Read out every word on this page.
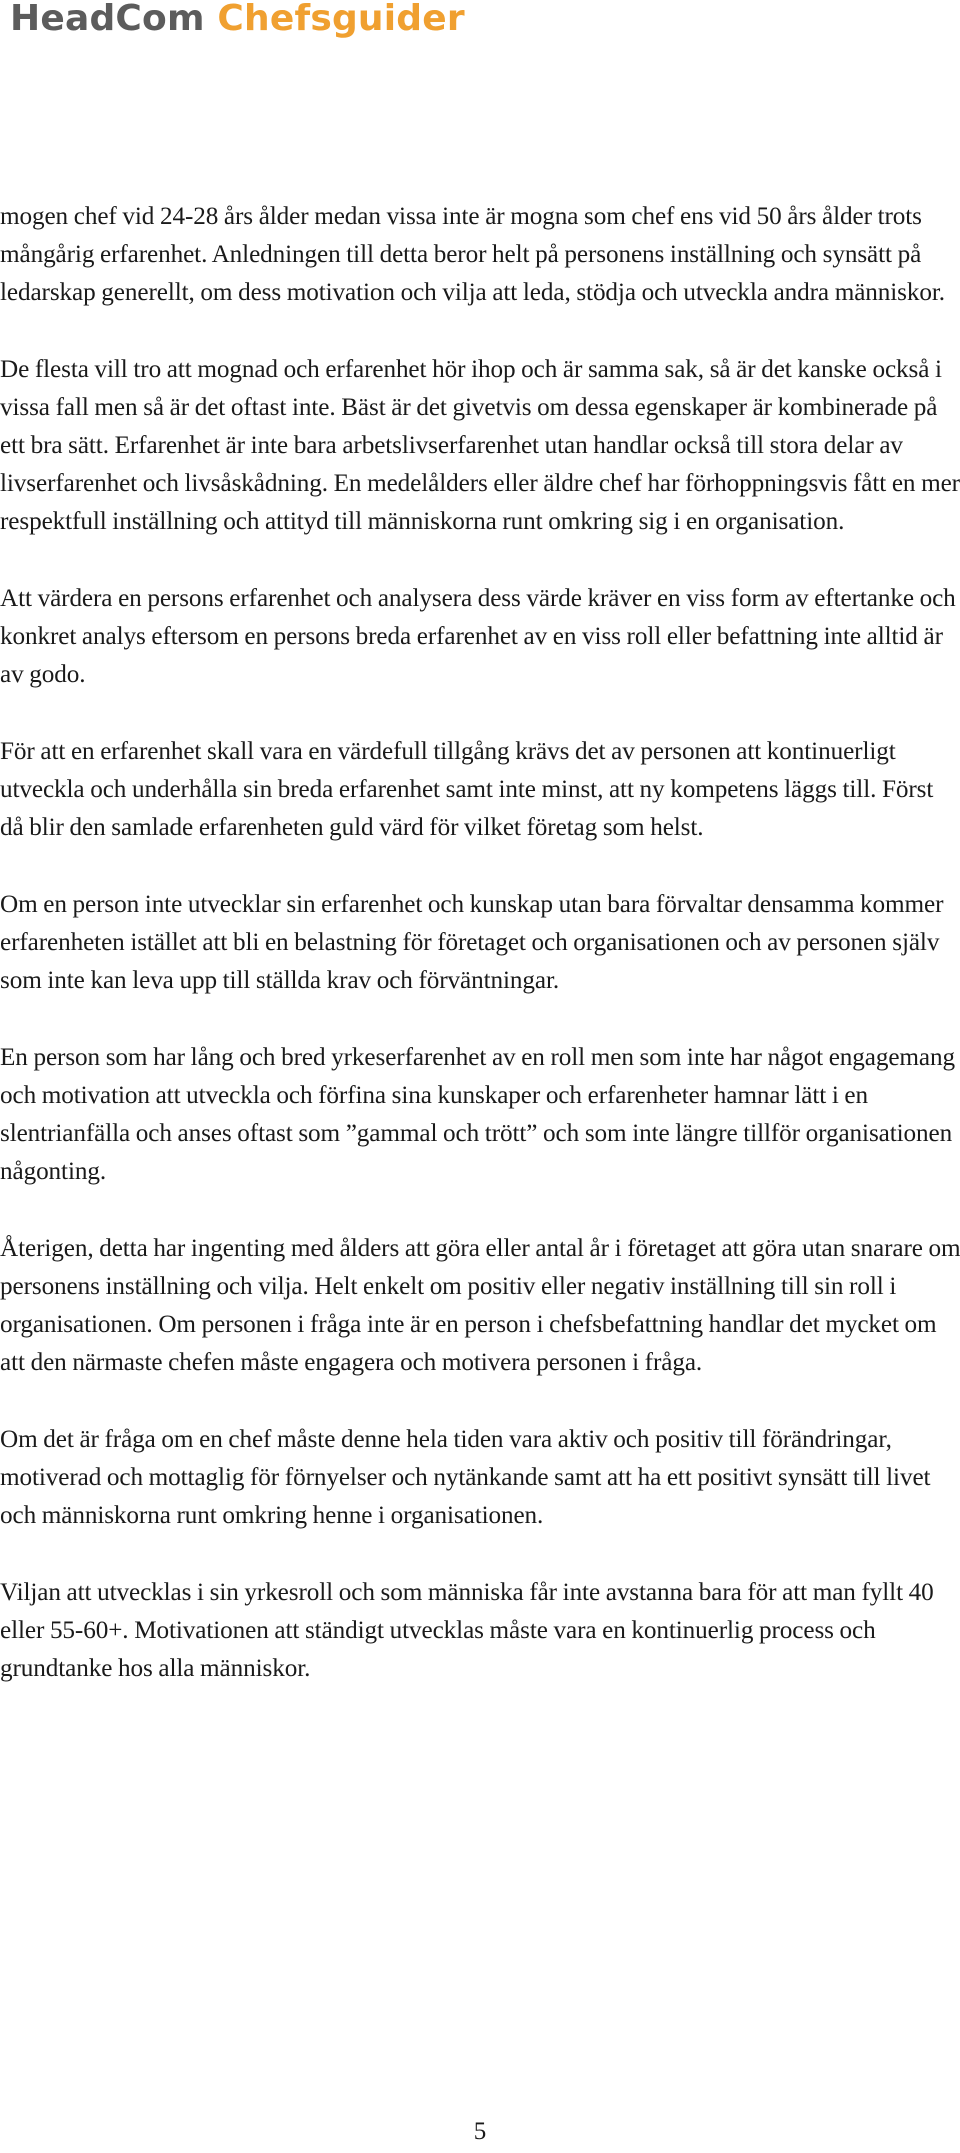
HeadCom Chefsguider

mogen chef vid 24-28 års ålder medan vissa inte är mogna som chef ens vid 50 års ålder trots mångårig erfarenhet. Anledningen till detta beror helt på personens inställning och synsätt på ledarskap generellt, om dess motivation och vilja att leda, stödja och utveckla andra människor.

De flesta vill tro att mognad och erfarenhet hör ihop och är samma sak, så är det kanske också i vissa fall men så är det oftast inte. Bäst är det givetvis om dessa egenskaper är kombinerade på ett bra sätt. Erfarenhet är inte bara arbetslivserfarenhet utan handlar också till stora delar av livserfarenhet och livsåskådning. En medelålders eller äldre chef har förhoppningsvis fått en mer respektfull inställning och attityd till människorna runt omkring sig i en organisation.

Att värdera en persons erfarenhet och analysera dess värde kräver en viss form av eftertanke och konkret analys eftersom en persons breda erfarenhet av en viss roll eller befattning inte alltid är av godo.

För att en erfarenhet skall vara en värdefull tillgång krävs det av personen att kontinuerligt utveckla och underhålla sin breda erfarenhet samt inte minst, att ny kompetens läggs till. Först då blir den samlade erfarenheten guld värd för vilket företag som helst.

Om en person inte utvecklar sin erfarenhet och kunskap utan bara förvaltar densamma kommer erfarenheten istället att bli en belastning för företaget och organisationen och av personen själv som inte kan leva upp till ställda krav och förväntningar.

En person som har lång och bred yrkeserfarenhet av en roll men som inte har något engagemang och motivation att utveckla och förfina sina kunskaper och erfarenheter hamnar lätt i en slentrianfälla och anses oftast som ”gammal och trött” och som inte längre tillför organisationen någonting.

Återigen, detta har ingenting med ålders att göra eller antal år i företaget att göra utan snarare om personens inställning och vilja. Helt enkelt om positiv eller negativ inställning till sin roll i organisationen. Om personen i fråga inte är en person i chefsbefattning handlar det mycket om att den närmaste chefen måste engagera och motivera personen i fråga.

Om det är fråga om en chef måste denne hela tiden vara aktiv och positiv till förändringar, motiverad och mottaglig för förnyelser och nytänkande samt att ha ett positivt synsätt till livet och människorna runt omkring henne i organisationen.

Viljan att utvecklas i sin yrkesroll och som människa får inte avstanna bara för att man fyllt 40 eller 55-60+. Motivationen att ständigt utvecklas måste vara en kontinuerlig process och grundtanke hos alla människor.

5
